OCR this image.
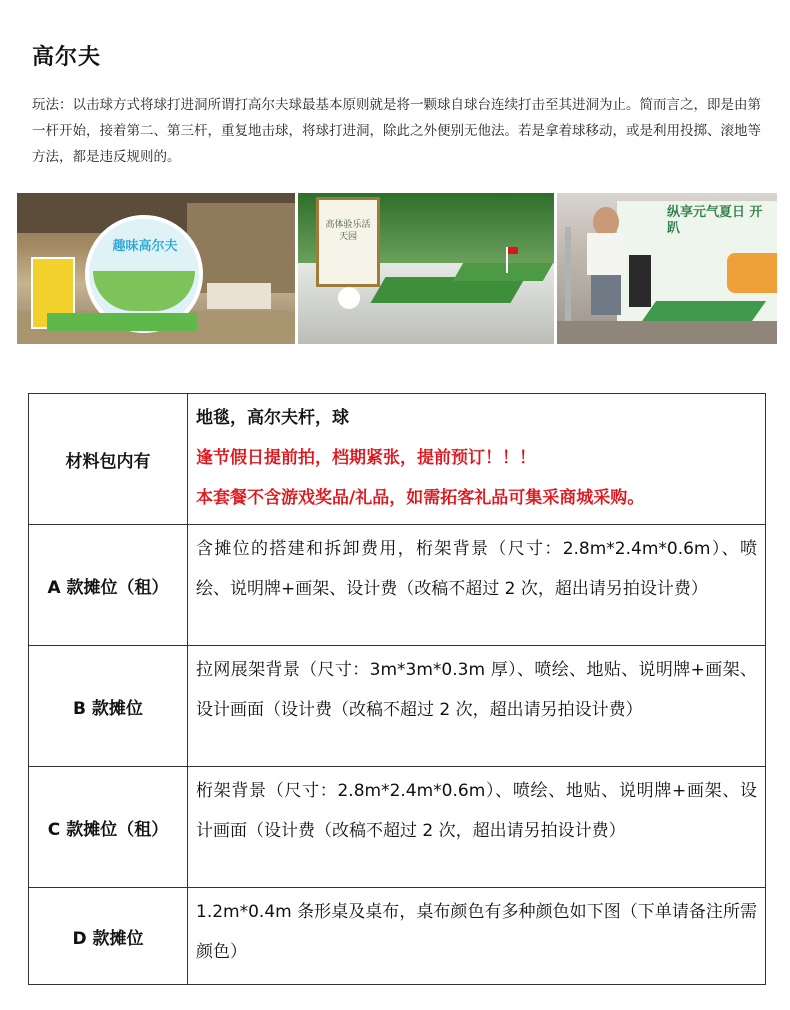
高尔夫
玩法：以击球方式将球打进洞所谓打高尔夫球最基本原则就是将一颗球自球台连续打击至其进洞为止。简而言之，即是由第一杆开始，接着第二、第三杆，重复地击球，将球打进洞，除此之外便别无他法。若是拿着球移动，或是利用投掷、滚地等方法，都是违反规则的。
趣味高尔夫
高体验乐活天园
纵享元气夏日 开趴
材料包内有	地毯，高尔夫杆，球
逢节假日提前拍，档期紧张，提前预订！！！
本套餐不含游戏奖品/礼品，如需拓客礼品可集采商城采购。

A 款摊位（租）	含摊位的搭建和拆卸费用，桁架背景（尺寸：2.8m*2.4m*0.6m）、喷绘、说明牌+画架、设计费（改稿不超过 2 次，超出请另拍设计费）
B 款摊位	拉网展架背景（尺寸：3m*3m*0.3m 厚）、喷绘、地贴、说明牌+画架、设计画面（设计费（改稿不超过 2 次，超出请另拍设计费）
C 款摊位（租）	桁架背景（尺寸：2.8m*2.4m*0.6m）、喷绘、地贴、说明牌+画架、设计画面（设计费（改稿不超过 2 次，超出请另拍设计费）
D 款摊位	1.2m*0.4m 条形桌及桌布，桌布颜色有多种颜色如下图（下单请备注所需颜色）
